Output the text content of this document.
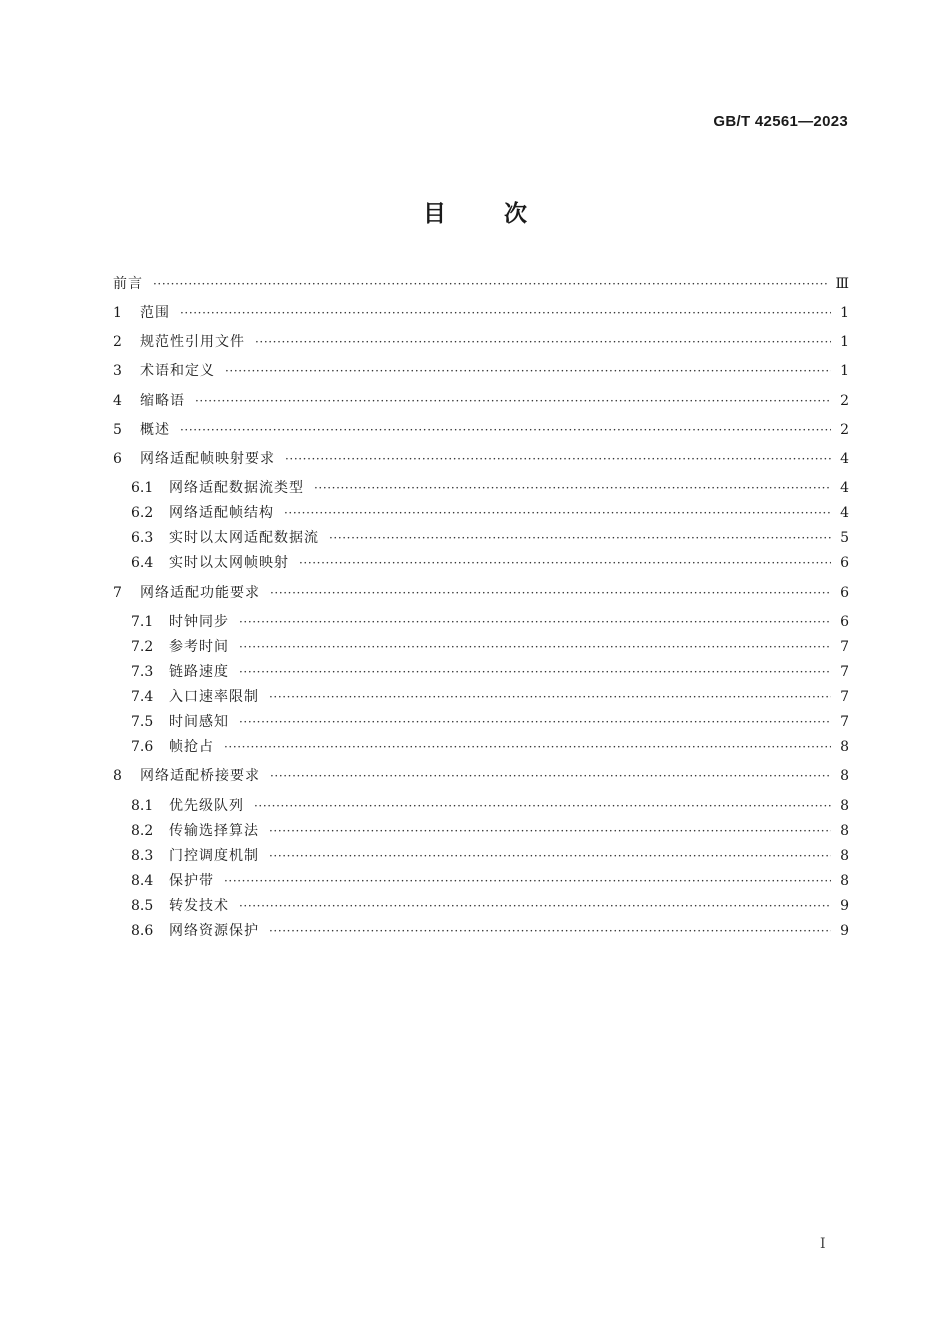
GB/T 42561—2023
目	次
前言 ·····	Ⅲ
1	范围 ·····	1
2	规范性引用文件 ·····	1
3	术语和定义 ·····	1
4	缩略语 ·····	2
5	概述 ·····	2
6	网络适配帧映射要求 ·····	4
6.1	网络适配数据流类型 ·····	4
6.2	网络适配帧结构 ·····	4
6.3	实时以太网适配数据流 ·····	5
6.4	实时以太网帧映射 ·····	6
7	网络适配功能要求 ·····	6
7.1	时钟同步 ·····	6
7.2	参考时间 ·····	7
7.3	链路速度 ·····	7
7.4	入口速率限制 ·····	7
7.5	时间感知 ·····	7
7.6	帧抢占 ·····	8
8	网络适配桥接要求 ·····	8
8.1	优先级队列 ·····	8
8.2	传输选择算法 ·····	8
8.3	门控调度机制 ·····	8
8.4	保护带 ·····	8
8.5	转发技术 ·····	9
8.6	网络资源保护 ·····	9
I
